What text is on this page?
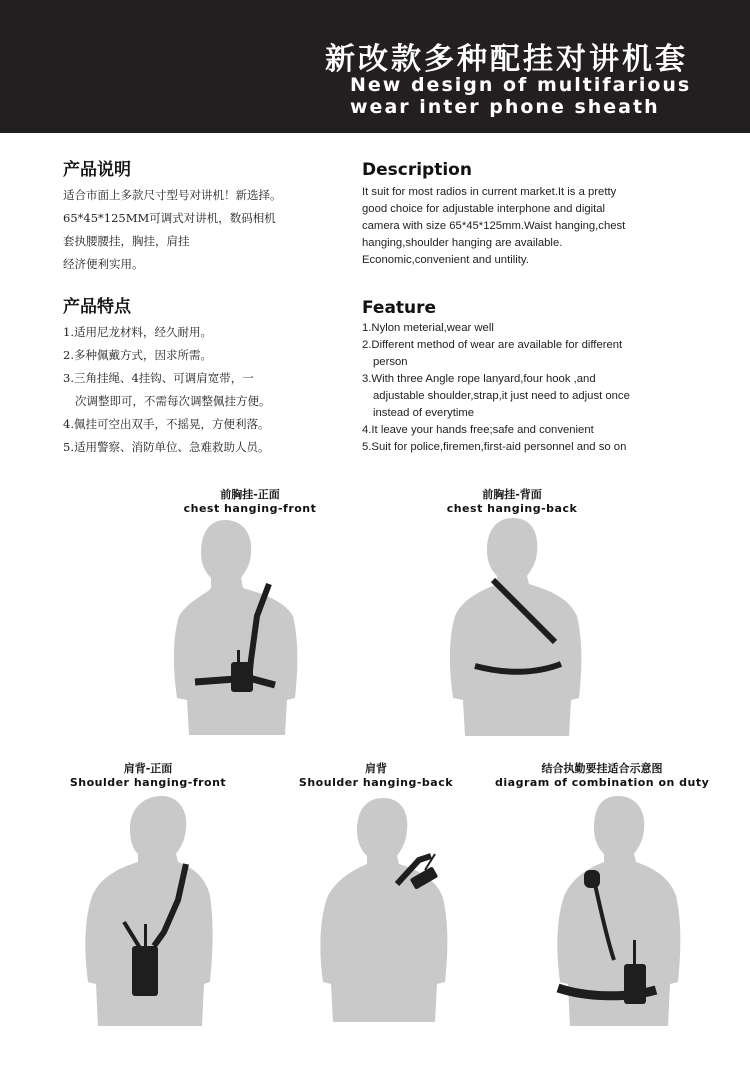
新改款多种配挂对讲机套
New design of multifarious
wear inter phone sheath
产品说明
适合市面上多款尺寸型号对讲机！新选择。
65*45*125MM可调式对讲机，数码相机
套执腰腰挂，胸挂，肩挂
经济便利实用。
产品特点
1.适用尼龙材料，经久耐用。
2.多种佩戴方式，因求所需。
3.三角挂绳、4挂钩、可调肩宽带，一
次调整即可，不需每次调整佩挂方便。
4.佩挂可空出双手，不摇晃，方便利落。
5.适用警察、消防单位、急难救助人员。
Description
It suit for most radios in current market.It is a pretty
good choice for adjustable interphone and digital
camera with size 65*45*125mm.Waist hanging,chest
hanging,shoulder hanging are available.
Economic,convenient and untility.
Feature
1.Nylon meterial,wear well
2.Different method of wear are available for different
person
3.With three Angle rope lanyard,four hook ,and
adjustable shoulder,strap,it just need to adjust once
instead of everytime
4.It leave your hands free;safe and convenient
5.Suit for police,firemen,first-aid personnel and so on
前胸挂-正面
chest hanging-front
前胸挂-背面
chest hanging-back
肩背-正面
Shoulder hanging-front
肩背
Shoulder hanging-back
结合执勤要挂适合示意图
diagram of combination on duty
